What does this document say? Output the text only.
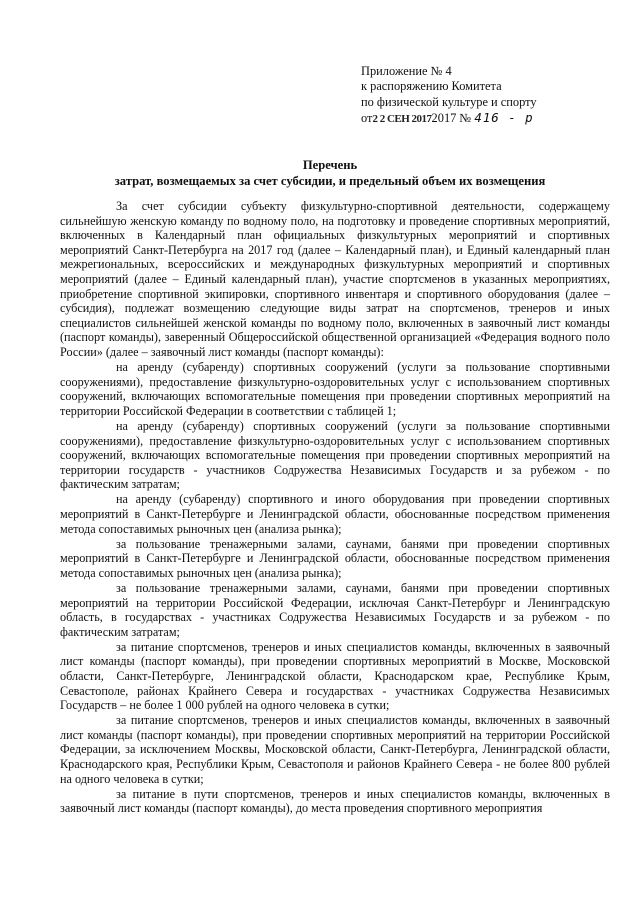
Приложение № 4
к распоряжению Комитета
по физической культуре и спорту
от2 2 СЕН 20172017 № 416 - р
Перечень
затрат, возмещаемых за счет субсидии, и предельный объем их возмещения

За счет субсидии субъекту физкультурно-спортивной деятельности, содержащему сильнейшую женскую команду по водному поло, на подготовку и проведение спортивных мероприятий, включенных в Календарный план официальных физкультурных мероприятий и спортивных мероприятий Санкт-Петербурга на 2017 год (далее – Календарный план), и Единый календарный план межрегиональных, всероссийских и международных физкультурных мероприятий и спортивных мероприятий (далее – Единый календарный план), участие спортсменов в указанных мероприятиях, приобретение спортивной экипировки, спортивного инвентаря и спортивного оборудования (далее – субсидия), подлежат возмещению следующие виды затрат на спортсменов, тренеров и иных специалистов сильнейшей женской команды по водному поло, включенных в заявочный лист команды (паспорт команды), заверенный Общероссийской общественной организацией «Федерация водного поло России» (далее – заявочный лист команды (паспорт команды):

на аренду (субаренду) спортивных сооружений (услуги за пользование спортивными сооружениями), предоставление физкультурно-оздоровительных услуг с использованием спортивных сооружений, включающих вспомогательные помещения при проведении спортивных мероприятий на территории Российской Федерации в соответствии с таблицей 1;

на аренду (субаренду) спортивных сооружений (услуги за пользование спортивными сооружениями), предоставление физкультурно-оздоровительных услуг с использованием спортивных сооружений, включающих вспомогательные помещения при проведении спортивных мероприятий на территории государств - участников Содружества Независимых Государств и за рубежом - по фактическим затратам;

на аренду (субаренду) спортивного и иного оборудования при проведении спортивных мероприятий в Санкт-Петербурге и Ленинградской области, обоснованные посредством применения метода сопоставимых рыночных цен (анализа рынка);

за пользование тренажерными залами, саунами, банями при проведении спортивных мероприятий в Санкт-Петербурге и Ленинградской области, обоснованные посредством применения метода сопоставимых рыночных цен (анализа рынка);

за пользование тренажерными залами, саунами, банями при проведении спортивных мероприятий на территории Российской Федерации, исключая Санкт-Петербург и Ленинградскую область, в государствах - участниках Содружества Независимых Государств и за рубежом - по фактическим затратам;

за питание спортсменов, тренеров и иных специалистов команды, включенных в заявочный лист команды (паспорт команды), при проведении спортивных мероприятий в Москве, Московской области, Санкт-Петербурге, Ленинградской области, Краснодарском крае, Республике Крым, Севастополе, районах Крайнего Севера и государствах - участниках Содружества Независимых Государств – не более 1 000 рублей на одного человека в сутки;

за питание спортсменов, тренеров и иных специалистов команды, включенных в заявочный лист команды (паспорт команды), при проведении спортивных мероприятий на территории Российской Федерации, за исключением Москвы, Московской области, Санкт-Петербурга, Ленинградской области, Краснодарского края, Республики Крым, Севастополя и районов Крайнего Севера - не более 800 рублей на одного человека в сутки;

за питание в пути спортсменов, тренеров и иных специалистов команды, включенных в заявочный лист команды (паспорт команды), до места проведения спортивного мероприятия
